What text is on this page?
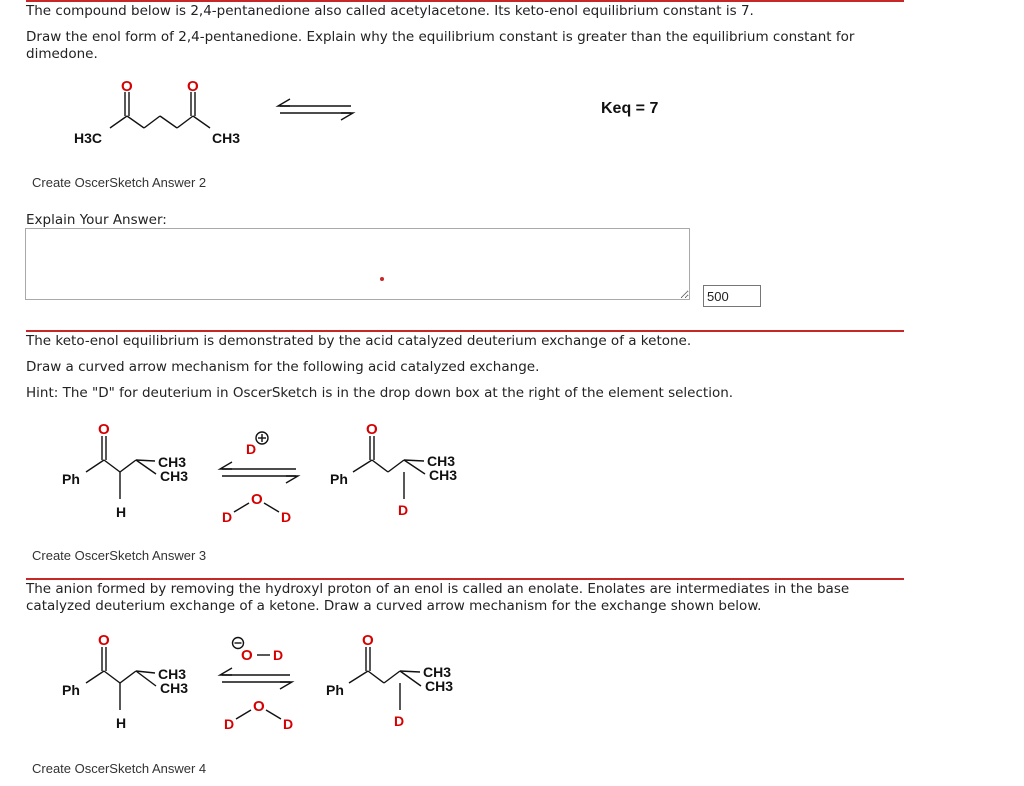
The compound below is 2,4-pentanedione also called acetylacetone. Its keto-enol equilibrium constant is 7.
Draw the enol form of 2,4-pentanedione. Explain why the equilibrium constant is greater than the equilibrium constant for
dimedone.
O	O
H3C	CH3
Keq = 7
Create OscerSketch Answer 2
Explain Your Answer:
500
The keto-enol equilibrium is demonstrated by the acid catalyzed deuterium exchange of a ketone.
Draw a curved arrow mechanism for the following acid catalyzed exchange.
Hint: The "D" for deuterium in OscerSketch is in the drop down box at the right of the element selection.
Ph
O
CH3
CH3
H
D
D
O
D
Ph
O
CH3
CH3
D
Create OscerSketch Answer 3
The anion formed by removing the hydroxyl proton of an enol is called an enolate. Enolates are intermediates in the base
catalyzed deuterium exchange of a ketone. Draw a curved arrow mechanism for the exchange shown below.
Ph
O
CH3
CH3
H
O D
D
O
D
Ph
O
CH3
CH3
D
Create OscerSketch Answer 4
